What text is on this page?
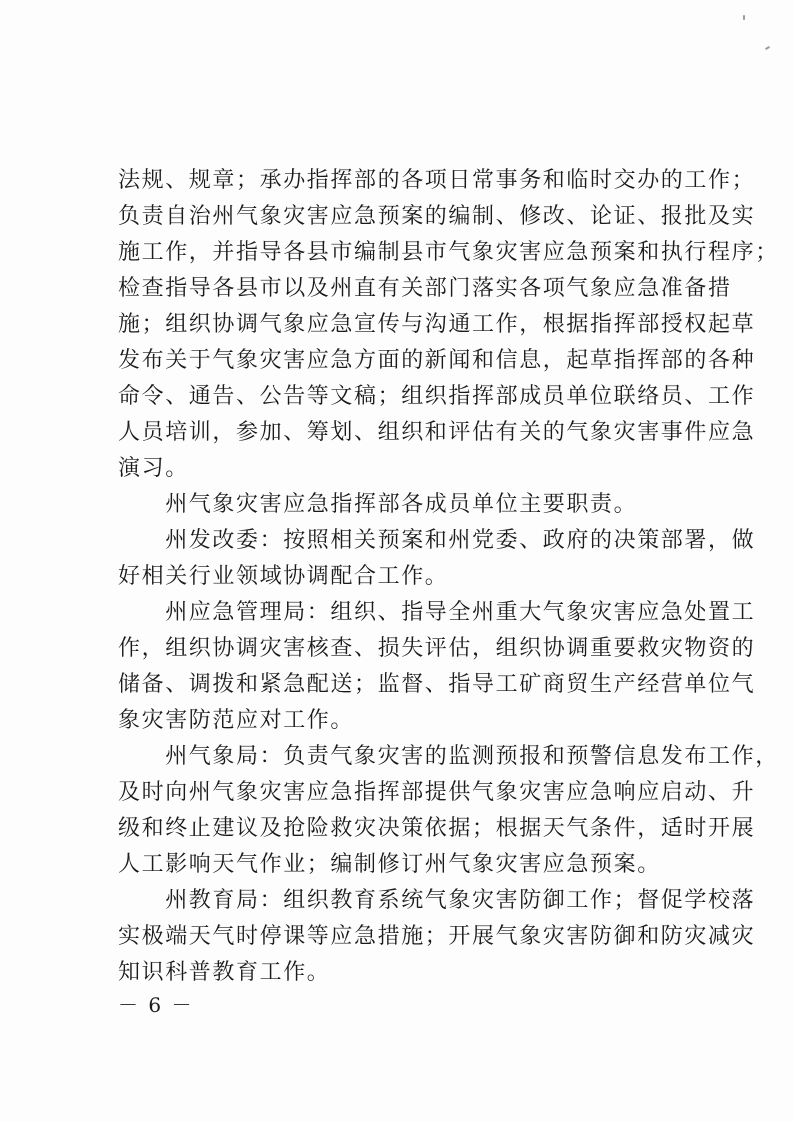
法规、规章；承办指挥部的各项日常事务和临时交办的工作；
负责自治州气象灾害应急预案的编制、修改、论证、报批及实
施工作，并指导各县市编制县市气象灾害应急预案和执行程序；
检查指导各县市以及州直有关部门落实各项气象应急准备措
施；组织协调气象应急宣传与沟通工作，根据指挥部授权起草
发布关于气象灾害应急方面的新闻和信息，起草指挥部的各种
命令、通告、公告等文稿；组织指挥部成员单位联络员、工作
人员培训，参加、筹划、组织和评估有关的气象灾害事件应急
演习。
　　州气象灾害应急指挥部各成员单位主要职责。
　　州发改委：按照相关预案和州党委、政府的决策部署，做
好相关行业领域协调配合工作。
　　州应急管理局：组织、指导全州重大气象灾害应急处置工
作，组织协调灾害核查、损失评估，组织协调重要救灾物资的
储备、调拨和紧急配送；监督、指导工矿商贸生产经营单位气
象灾害防范应对工作。
　　州气象局：负责气象灾害的监测预报和预警信息发布工作，
及时向州气象灾害应急指挥部提供气象灾害应急响应启动、升
级和终止建议及抢险救灾决策依据；根据天气条件，适时开展
人工影响天气作业；编制修订州气象灾害应急预案。
　　州教育局：组织教育系统气象灾害防御工作；督促学校落
实极端天气时停课等应急措施；开展气象灾害防御和防灾减灾
知识科普教育工作。
－ 6 －
